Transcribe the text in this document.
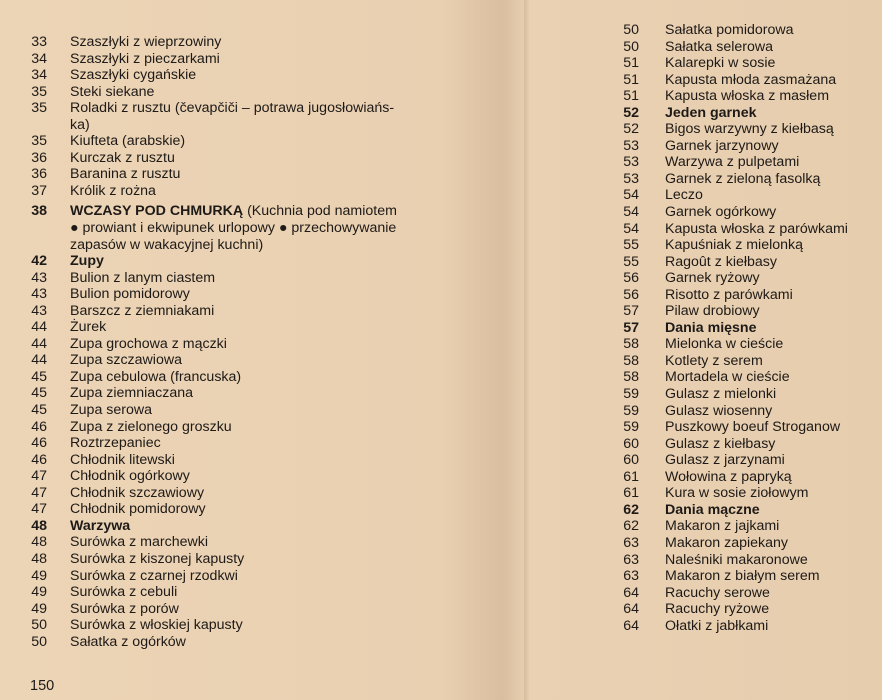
33 Szaszłyki z wieprzowiny
34 Szaszłyki z pieczarkami
34 Szaszłyki cygańskie
35 Steki siekane
35 Roladki z rusztu (čevapčiči – potrawa jugosłowiańs-
ka)
35 Kiufteta (arabskie)
36 Kurczak z rusztu
36 Baranina z rusztu
37 Królik z rożna
38 WCZASY POD CHMURKĄ (Kuchnia pod namiotem
● prowiant i ekwipunek urlopowy ● przechowywanie
zapasów w wakacyjnej kuchni)
42 Zupy
43 Bulion z lanym ciastem
43 Bulion pomidorowy
43 Barszcz z ziemniakami
44 Żurek
44 Zupa grochowa z mączki
44 Zupa szczawiowa
45 Zupa cebulowa (francuska)
45 Zupa ziemniaczana
45 Zupa serowa
46 Zupa z zielonego groszku
46 Roztrzepaniec
46 Chłodnik litewski
47 Chłodnik ogórkowy
47 Chłodnik szczawiowy
47 Chłodnik pomidorowy
48 Warzywa
48 Surówka z marchewki
48 Surówka z kiszonej kapusty
49 Surówka z czarnej rzodkwi
49 Surówka z cebuli
49 Surówka z porów
50 Surówka z włoskiej kapusty
50 Sałatka z ogórków
150
50 Sałatka pomidorowa
50 Sałatka selerowa
51 Kalarepki w sosie
51 Kapusta młoda zasmażana
51 Kapusta włoska z masłem
52 Jeden garnek
52 Bigos warzywny z kiełbasą
53 Garnek jarzynowy
53 Warzywa z pulpetami
53 Garnek z zieloną fasolką
54 Leczo
54 Garnek ogórkowy
54 Kapusta włoska z parówkami
55 Kapuśniak z mielonką
55 Ragoût z kiełbasy
56 Garnek ryżowy
56 Risotto z parówkami
57 Pilaw drobiowy
57 Dania mięsne
58 Mielonka w cieście
58 Kotlety z serem
58 Mortadela w cieście
59 Gulasz z mielonki
59 Gulasz wiosenny
59 Puszkowy boeuf Stroganow
60 Gulasz z kiełbasy
60 Gulasz z jarzynami
61 Wołowina z papryką
61 Kura w sosie ziołowym
62 Dania mączne
62 Makaron z jajkami
63 Makaron zapiekany
63 Naleśniki makaronowe
63 Makaron z białym serem
64 Racuchy serowe
64 Racuchy ryżowe
64 Ołatki z jabłkami
